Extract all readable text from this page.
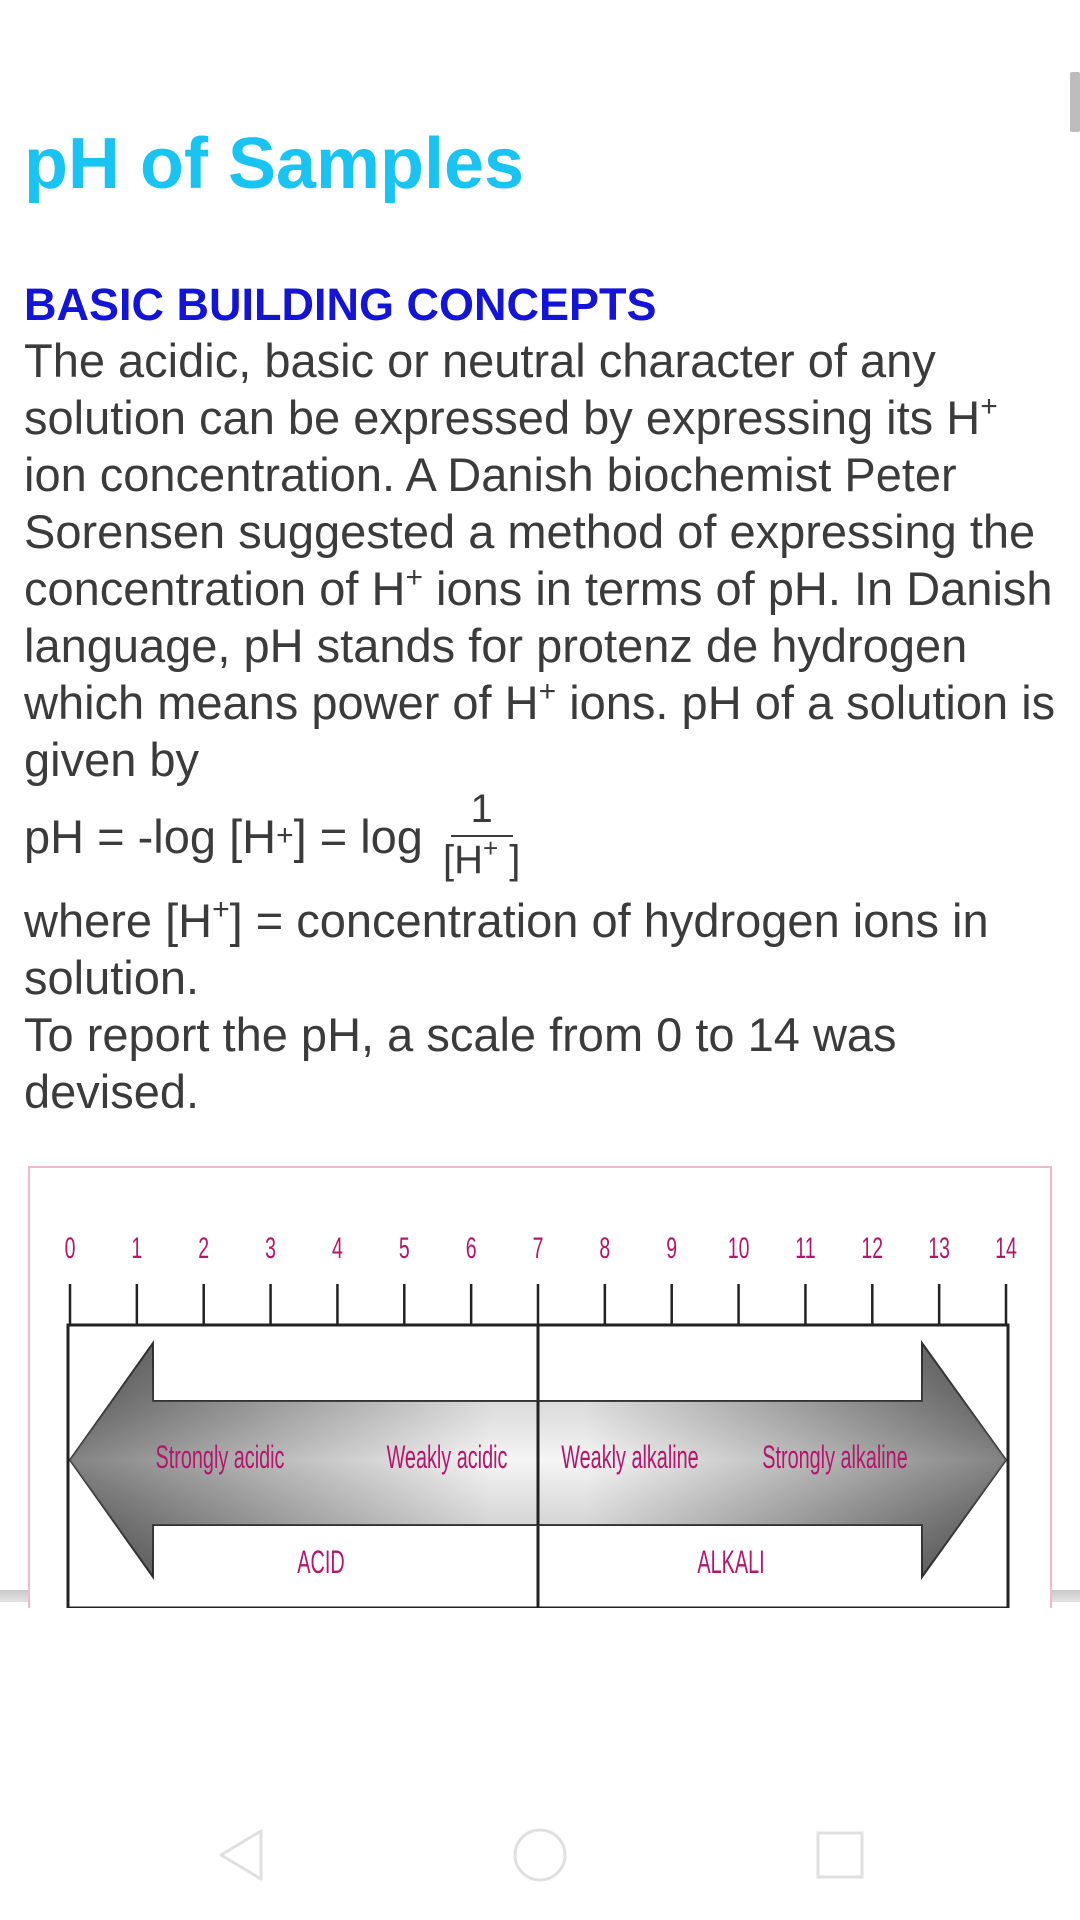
pH of Samples
BASIC BUILDING CONCEPTS

The acidic, basic or neutral character of any solution can be expressed by expressing its H+ ion concentration. A Danish biochemist Peter Sorensen suggested a method of expressing the concentration of H+ ions in terms of pH. In Danish language, pH stands for protenz de hydrogen which means power of H+ ions. pH of a solution is given by

pH = -log [H + ] = $\log \frac{1}{[H^+ ]}$

where [H+] = concentration of hydrogen ions in solution.

To report the pH, a scale from 0 to 14 was devised.

0 1 2 3 4 5 6 7 8 9 10 11 12 13 14
Strongly acidic	Weakly acidic Weakly alkaline Strongly alkaline
ACID	ALKALI
